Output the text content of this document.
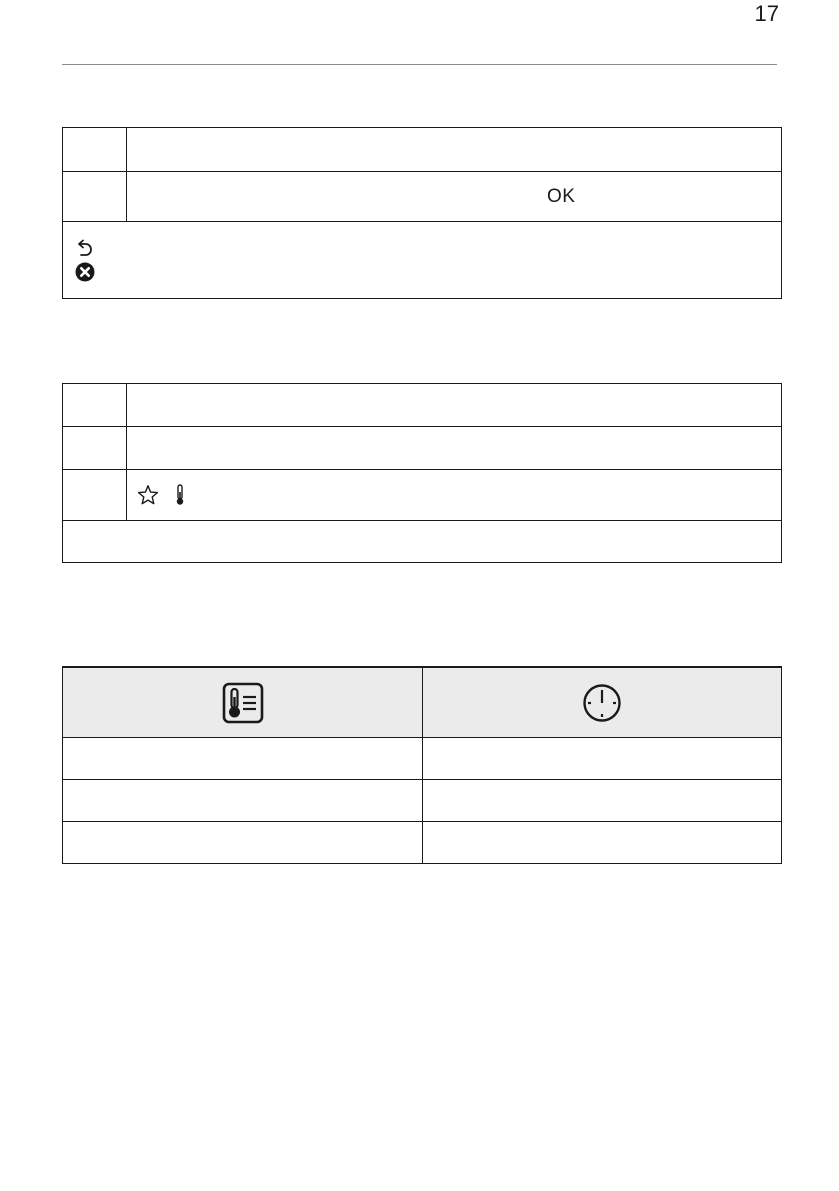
17

	OK
